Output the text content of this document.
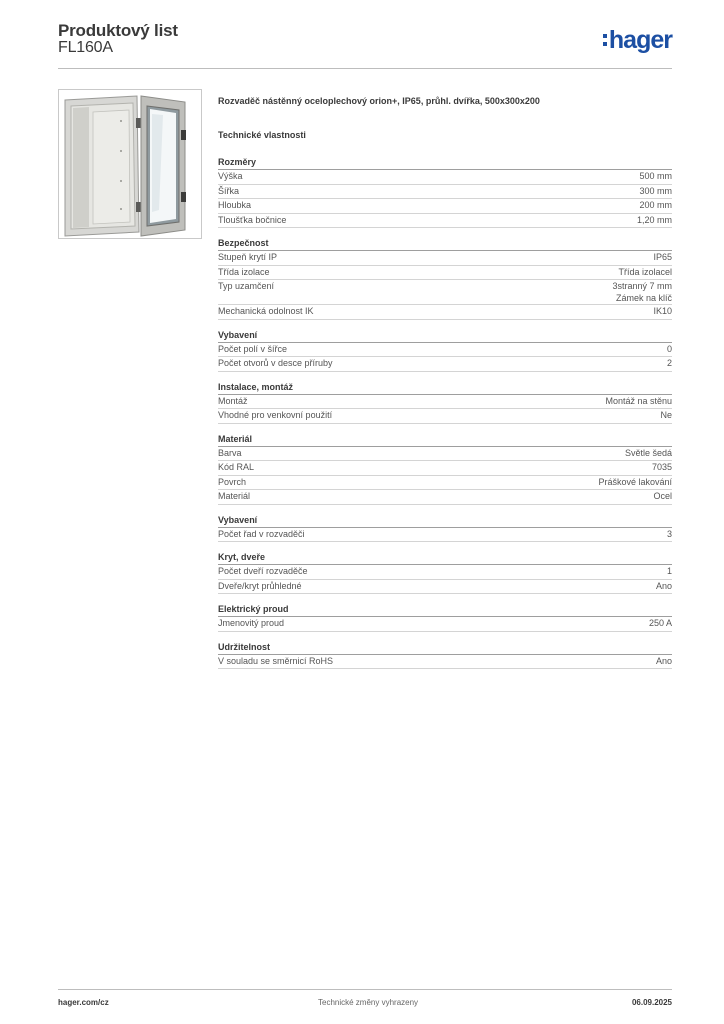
Produktový list
FL160A	hager
Rozvaděč nástěnný oceloplechový orion+, IP65, průhl. dvířka, 500x300x200
Technické vlastnosti
Rozměry
Výška	500 mm
Šířka	300 mm
Hloubka	200 mm
Tloušťka bočnice	1,20 mm
Bezpečnost
Stupeň krytí IP	IP65
Třída izolace	Třída izolacel
Typ uzamčení	3stranný 7 mm
Zámek na klíč
Mechanická odolnost IK	IK10
Vybavení
Počet polí v šířce	0
Počet otvorů v desce příruby	2
Instalace, montáž
Montáž	Montáž na stěnu
Vhodné pro venkovní použití	Ne
Materiál
Barva	Světle šedá
Kód RAL	7035
Povrch	Práškové lakování
Materiál	Ocel
Vybavení
Počet řad v rozvaděči	3
Kryt, dveře
Počet dveří rozvaděče	1
Dveře/kryt průhledné	Ano
Elektrický proud
Jmenovitý proud	250 A
Udržitelnost
V souladu se směrnicí RoHS	Ano
hager.com/cz	Technické změny vyhrazeny	06.09.2025
